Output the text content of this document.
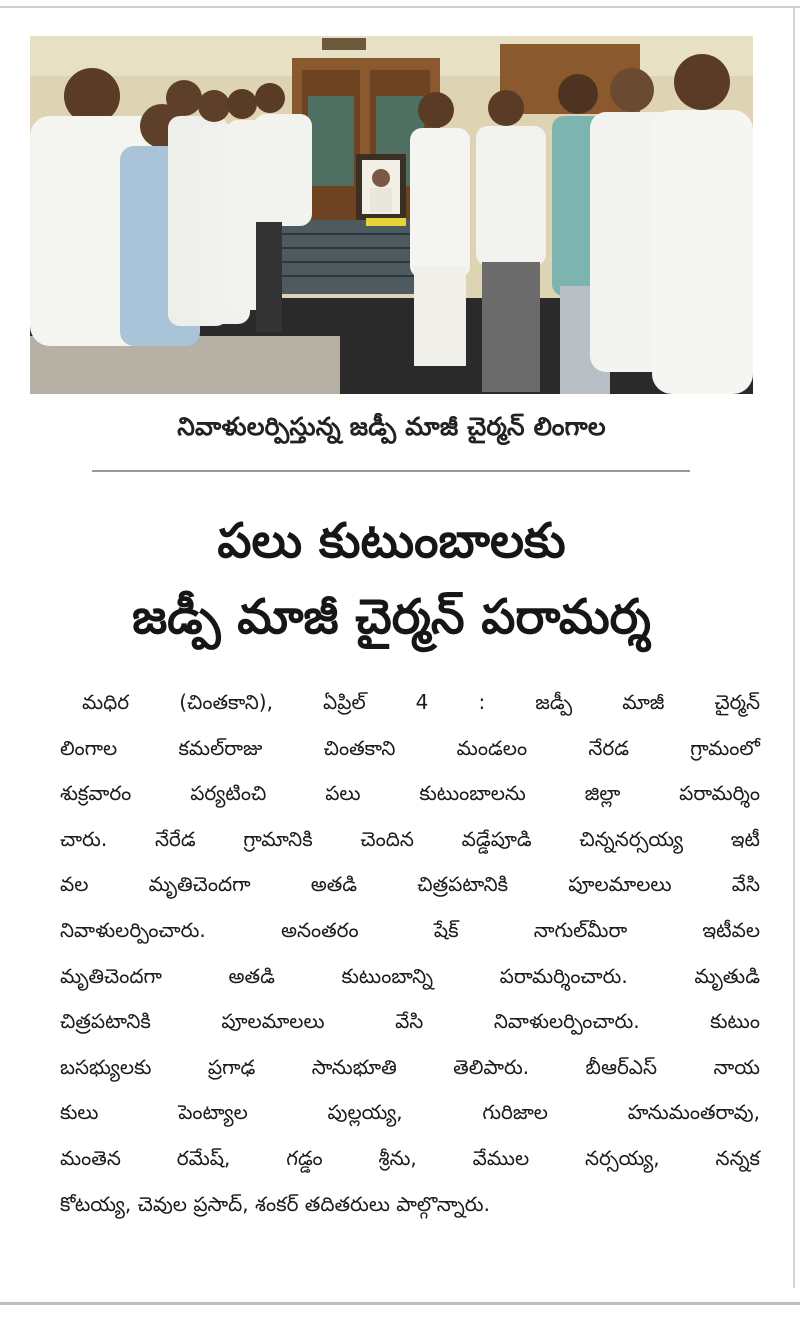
నివాళులర్పిస్తున్న జడ్పీ మాజీ చైర్మన్ లింగాల
పలు కుటుంబాలకు
జడ్పీ మాజీ చైర్మన్ పరామర్శ
మధిర (చింతకాని), ఏప్రిల్ 4 : జడ్పీ మాజీ చైర్మన్
లింగాల కమల్‌రాజు చింతకాని మండలం నేరడ గ్రామంలో
శుక్రవారం పర్యటించి పలు కుటుంబాలను జిల్లా పరామర్శిం
చారు. నేరేడ గ్రామానికి చెందిన వడ్డేపూడి చిన్ననర్సయ్య ఇటీ
వల మృతిచెందగా అతడి చిత్రపటానికి పూలమాలలు వేసి
నివాళులర్పించారు. అనంతరం షేక్ నాగుల్‌మీరా ఇటీవల
మృతిచెందగా అతడి కుటుంబాన్ని పరామర్శించారు. మృతుడి
చిత్రపటానికి పూలమాలలు వేసి నివాళులర్పించారు. కుటుం
బసభ్యులకు ప్రగాఢ సానుభూతి తెలిపారు. బీఆర్ఎస్ నాయ
కులు పెంట్యాల పుల్లయ్య, గురిజాల హనుమంతరావు,
మంతెన రమేష్, గడ్డం శ్రీను, వేముల నర్సయ్య, నన్నక
కోటయ్య, చెవుల ప్రసాద్, శంకర్ తదితరులు పాల్గొన్నారు.
